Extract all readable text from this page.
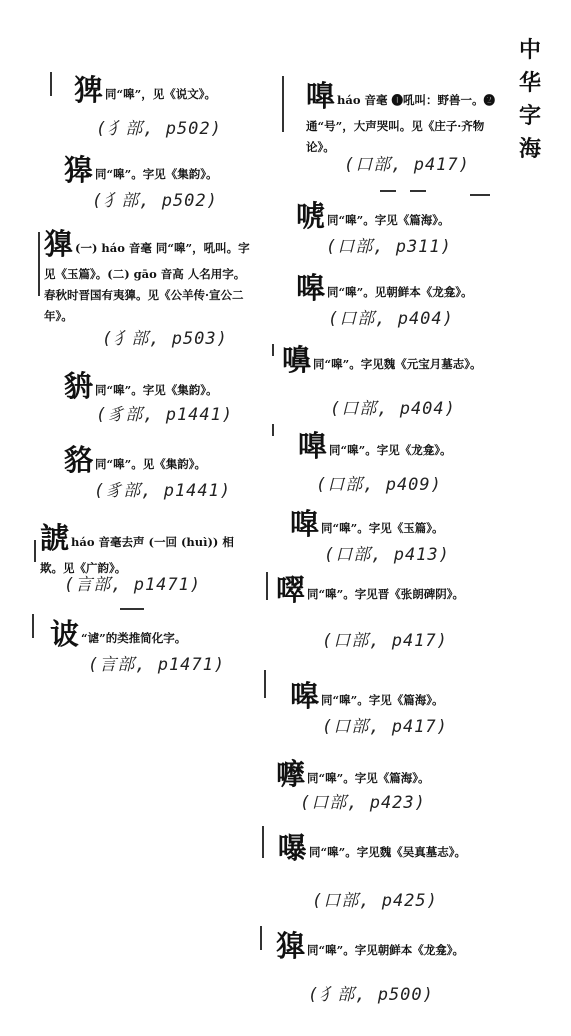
中
华
字
海
猈同“嗥”，见《说文》。
(犭部, p502)
獆同“嗥”。字见《集韵》。
(犭部, p502)
獋 (一) háo 音毫 同“嗥”，吼叫。字见《玉篇》。(二) gāo 音高 人名用字。春秋时晋国有夷獋。见《公羊传·宣公二年》。
(犭部, p503)
貈同“嗥”。字见《集韵》。
(豸部, p1441)
貉同“嗥”。见《集韵》。
(豸部, p1441)
諕háo 音毫去声 (一回 (huì)) 相欺。见《广韵》。
(言部, p1471)
诐 “谑”的类推简化字。
(言部, p1471)
嘷háo 音毫 ❶吼叫：野兽一。❷通“号”，大声哭叫。见《庄子·齐物论》。
(口部, p417)
唬同“嗥”。字见《篇海》。
(口部, p311)
嗥同“嗥”。见朝鲜本《龙龛》。
(口部, p404)
嚊同“嗥”。字见魏《元宝月墓志》。
(口部, p404)
嘷同“嗥”。字见《龙龛》。
(口部, p409)
噑同“嗥”。字见《玉篇》。
(口部, p413)
噿同“嗥”。字见晋《张朗碑阴》。
(口部, p417)
嗥同“嗥”。字见《篇海》。
(口部, p417)
嚤同“嗥”。字见《篇海》。
(口部, p423)
嚗同“嗥”。字见魏《吴真墓志》。
(口部, p425)
獔同“嗥”。字见朝鲜本《龙龛》。
(犭部, p500)
